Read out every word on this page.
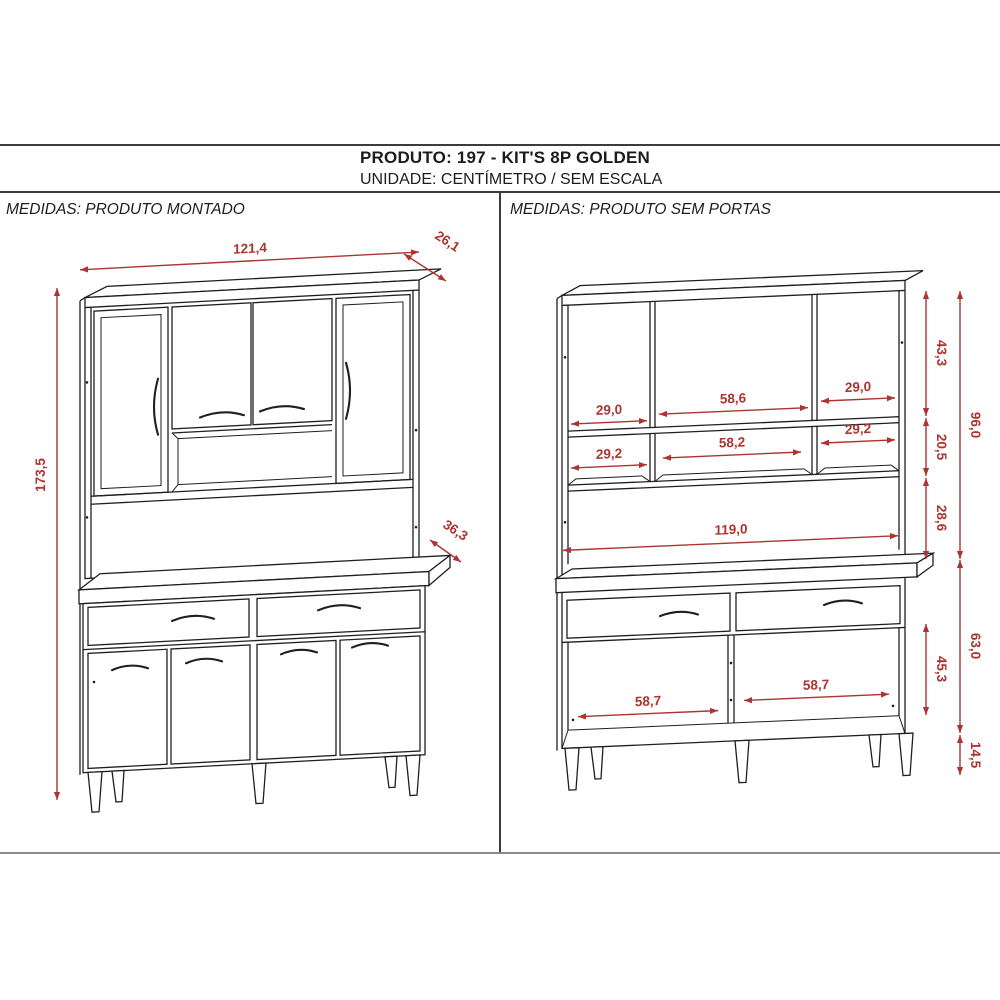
PRODUTO: 197 - KIT'S 8P GOLDEN
UNIDADE: CENTÍMETRO / SEM ESCALA
MEDIDAS: PRODUTO MONTADO	MEDIDAS: PRODUTO SEM PORTAS
121,4	26,1
36,3
173,5
29,0
58,6
29,0
29,2
58,2
29,2
119,0
58,7
58,7
43,3
20,5
28,6
96,0
45,3
63,0
14,5
